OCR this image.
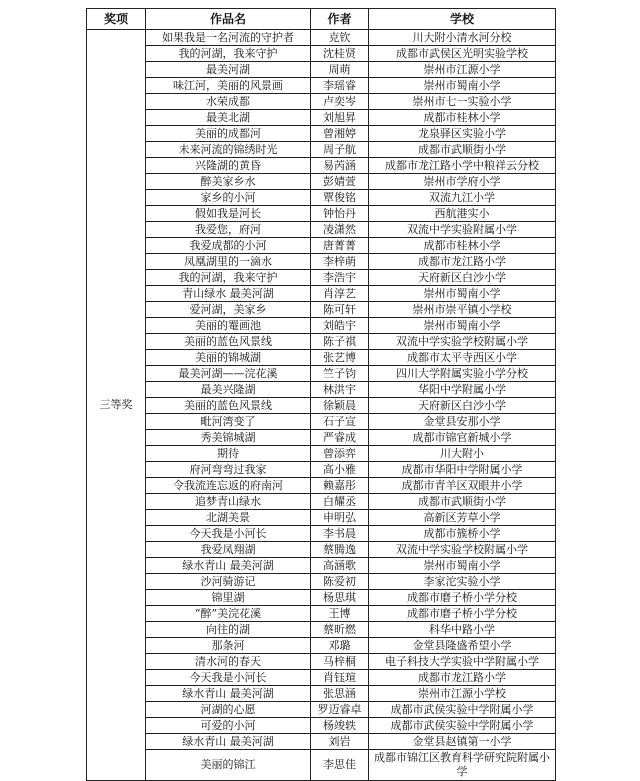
奖项	作品名	作者	学校
三等奖	如果我是一名河流的守护者	克钦	川大附小清水河分校
	我的河湖，我来守护	沈桂贤	成都市武侯区光明实验学校
	最美河湖	周萌	崇州市江源小学
	味江河，美丽的风景画	李瑶睿	崇州市蜀南小学
	水荣成都	卢奕岑	崇州市七一实验小学
	最美北湖	刘旭昇	成都市桂林小学
	美丽的成都河	曾湘婷	龙泉驿区实验小学
	未来河流的锦绣时光	周子航	成都市武顺街小学
	兴隆湖的黄昏	易芮涵	成都市龙江路小学中粮祥云分校
	醉美家乡水	彭婧萱	崇州市学府小学
	家乡的小河	覃俊铭	双流九江小学
	假如我是河长	钟怡丹	西航港实小
	我爱您，府河	凌潇然	双流中学实验附属小学
	我爱成都的小河	唐菁菁	成都市桂林小学
	凤凰湖里的一滴水	李梓萌	成都市龙江路小学
	我的河湖，我来守护	李浩宇	天府新区白沙小学
	青山绿水 最美河湖	肖淳艺	崇州市蜀南小学
	爱河湖，美家乡	陈可轩	崇州市崇平镇小学校
	美丽的罨画池	刘皓宇	崇州市蜀南小学
	美丽的蓝色风景线	陈子祺	双流中学实验学校附属小学
	美丽的锦城湖	张艺博	成都市太平寺西区小学
	最美河湖——浣花溪	竺子钧	四川大学附属实验小学分校
	最美兴隆湖	林洪宇	华阳中学附属小学
	美丽的蓝色风景线	徐颖晨	天府新区白沙小学
	毗河湾变了	石子宣	金堂县安那小学
	秀美锦城湖	严睿成	成都市锦官新城小学
	期待	曾添弈	川大附小
	府河弯弯过我家	高小雅	成都市华阳中学附属小学
	令我流连忘返的府南河	赖嘉彤	成都市青羊区双眼井小学
	追梦青山绿水	白耀丞	成都市武顺街小学
	北湖美景	申明弘	高新区芳草小学
	今天我是小河长	李书晨	成都市簇桥小学
	我爱凤翔湖	蔡腾逸	双流中学实验学校附属小学
	绿水青山 最美河湖	高涵歌	崇州市蜀南小学
	沙河骑游记	陈爱初	李家沱实验小学
	锦里湖	杨思琪	成都市磨子桥小学分校
	“醉”美浣花溪	王博	成都市磨子桥小学分校
	向往的湖	蔡昕燃	科华中路小学
	那条河	邓璐	金堂县隆盛希望小学
	清水河的春天	马梓桐	电子科技大学实验中学附属小学
	今天我是小河长	肖钰瑄	成都市龙江路小学
	绿水青山 最美河湖	张思涵	崇州市江源小学校
	河湖的心愿	罗迈睿卓	成都市武侯实验中学附属小学
	可爱的小河	杨竣轶	成都市武侯实验中学附属小学
	绿水青山 最美河湖	刘岩	金堂县赵镇第一小学
	美丽的锦江	李思佳	成都市锦江区教育科学研究院附属小学
